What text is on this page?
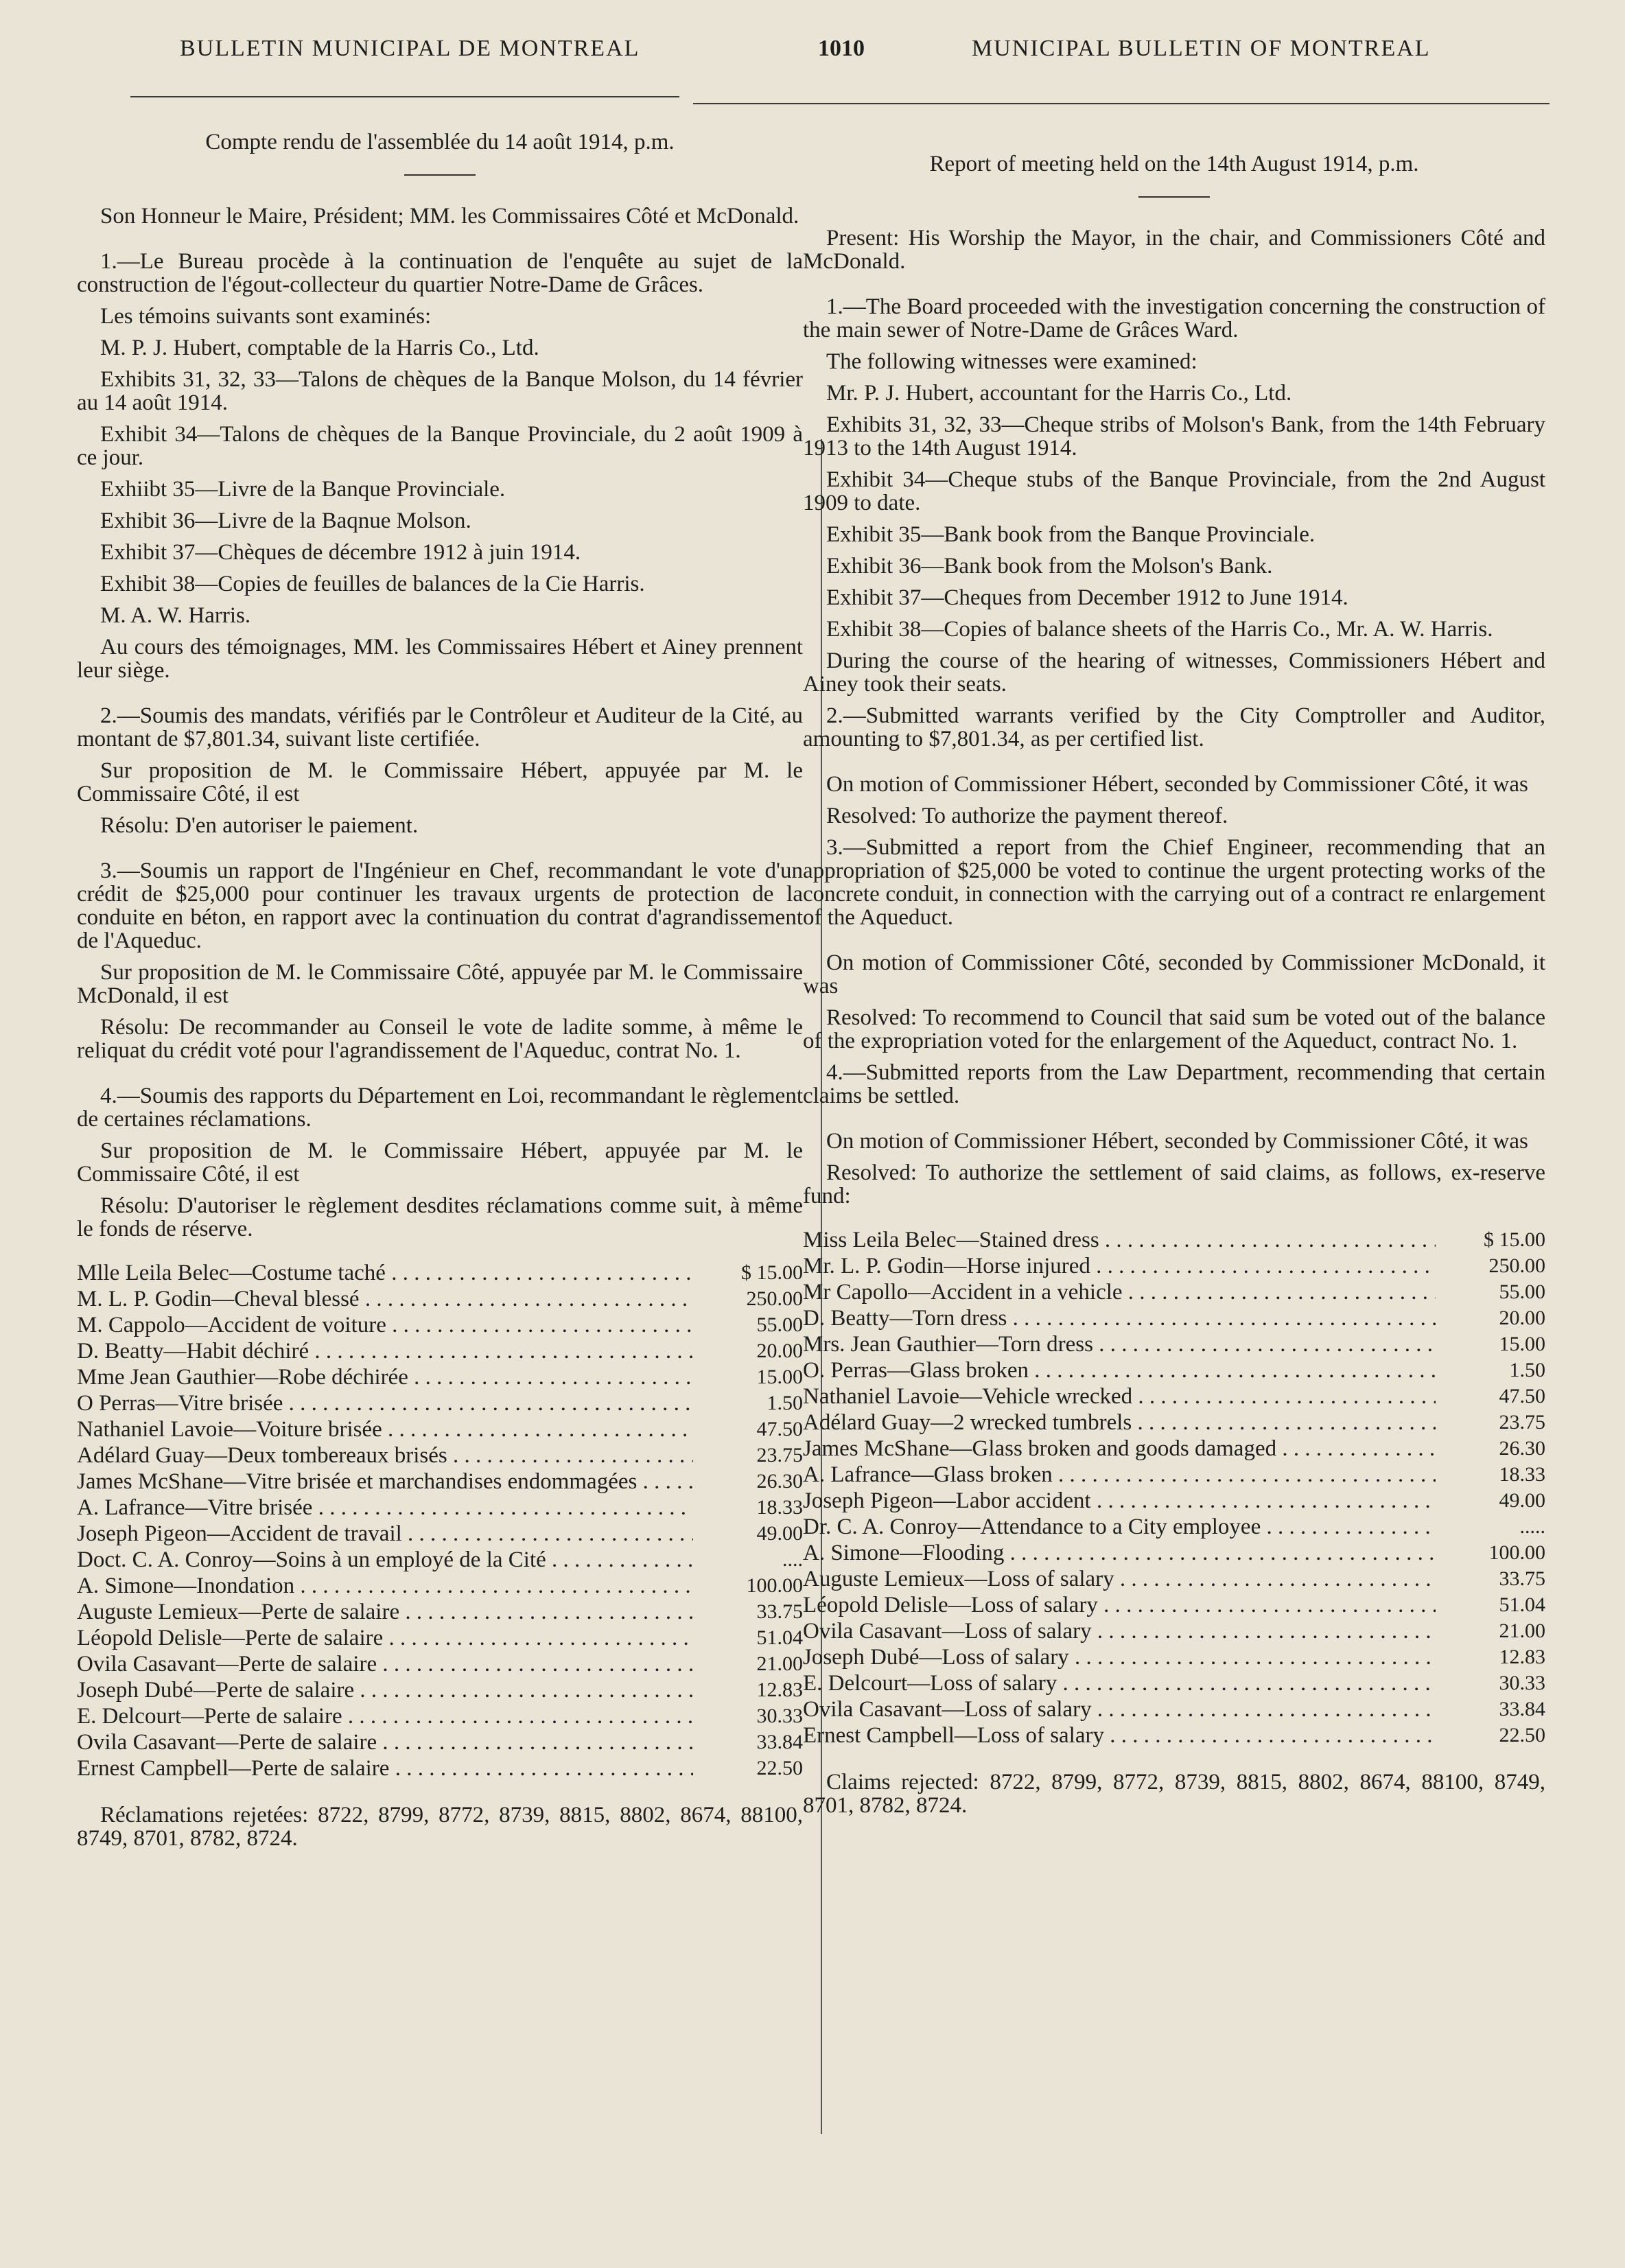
BULLETIN MUNICIPAL DE MONTREAL	1010	MUNICIPAL BULLETIN OF MONTREAL
Compte rendu de l'assemblée du 14 août 1914, p.m.

Son Honneur le Maire, Président; MM. les Commissaires Côté et McDonald.

1.—Le Bureau procède à la continuation de l'enquête au sujet de la construction de l'égout-collecteur du quartier Notre-Dame de Grâces.

Les témoins suivants sont examinés:

M. P. J. Hubert, comptable de la Harris Co., Ltd.

Exhibits 31, 32, 33—Talons de chèques de la Banque Molson, du 14 février au 14 août 1914.

Exhibit 34—Talons de chèques de la Banque Provinciale, du 2 août 1909 à ce jour.

Exhiibt 35—Livre de la Banque Provinciale.

Exhibit 36—Livre de la Baqnue Molson.

Exhibit 37—Chèques de décembre 1912 à juin 1914.

Exhibit 38—Copies de feuilles de balances de la Cie Harris.

M. A. W. Harris.

Au cours des témoignages, MM. les Commissaires Hébert et Ainey prennent leur siège.

2.—Soumis des mandats, vérifiés par le Contrôleur et Auditeur de la Cité, au montant de $7,801.34, suivant liste certifiée.

Sur proposition de M. le Commissaire Hébert, appuyée par M. le Commissaire Côté, il est

Résolu: D'en autoriser le paiement.

3.—Soumis un rapport de l'Ingénieur en Chef, recommandant le vote d'un crédit de $25,000 pour continuer les travaux urgents de protection de la conduite en béton, en rapport avec la continuation du contrat d'agrandissement de l'Aqueduc.

Sur proposition de M. le Commissaire Côté, appuyée par M. le Commissaire McDonald, il est

Résolu: De recommander au Conseil le vote de ladite somme, à même le reliquat du crédit voté pour l'agrandissement de l'Aqueduc, contrat No. 1.

4.—Soumis des rapports du Département en Loi, recommandant le règlement de certaines réclamations.

Sur proposition de M. le Commissaire Hébert, appuyée par M. le Commissaire Côté, il est

Résolu: D'autoriser le règlement desdites réclamations comme suit, à même le fonds de réserve.

Mlle Leila Belec—Costume taché . . .	$ 15.00
M. L. P. Godin—Cheval blessé . . .	250.00
M. Cappolo—Accident de voiture . . .	55.00
D. Beatty—Habit déchiré . . .	20.00
Mme Jean Gauthier—Robe déchirée . . .	15.00
O Perras—Vitre brisée . . .	1.50
Nathaniel Lavoie—Voiture brisée . . .	47.50
Adélard Guay—Deux tombereaux brisés . . .	23.75
James McShane—Vitre brisée et marchandises endommagées . . .	26.30
A. Lafrance—Vitre brisée . . .	18.33
Joseph Pigeon—Accident de travail . . .	49.00
Doct. C. A. Conroy—Soins à un employé de la Cité . . .	....
A. Simone—Inondation . . .	100.00
Auguste Lemieux—Perte de salaire . . .	33.75
Léopold Delisle—Perte de salaire . . .	51.04
Ovila Casavant—Perte de salaire . . .	21.00
Joseph Dubé—Perte de salaire . . .	12.83
E. Delcourt—Perte de salaire . . .	30.33
Ovila Casavant—Perte de salaire . . .	33.84
Ernest Campbell—Perte de salaire . . .	22.50

Réclamations rejetées: 8722, 8799, 8772, 8739, 8815, 8802, 8674, 88100, 8749, 8701, 8782, 8724.

Report of meeting held on the 14th August 1914, p.m.

Present: His Worship the Mayor, in the chair, and Commissioners Côté and McDonald.

1.—The Board proceeded with the investigation concerning the construction of the main sewer of Notre-Dame de Grâces Ward.

The following witnesses were examined:

Mr. P. J. Hubert, accountant for the Harris Co., Ltd.

Exhibits 31, 32, 33—Cheque stribs of Molson's Bank, from the 14th February 1913 to the 14th August 1914.

Exhibit 34—Cheque stubs of the Banque Provinciale, from the 2nd August 1909 to date.

Exhibit 35—Bank book from the Banque Provinciale.

Exhibit 36—Bank book from the Molson's Bank.

Exhibit 37—Cheques from December 1912 to June 1914.

Exhibit 38—Copies of balance sheets of the Harris Co., Mr. A. W. Harris.

During the course of the hearing of witnesses, Commissioners Hébert and Ainey took their seats.

2.—Submitted warrants verified by the City Comptroller and Auditor, amounting to $7,801.34, as per certified list.

On motion of Commissioner Hébert, seconded by Commissioner Côté, it was

Resolved: To authorize the payment thereof.

3.—Submitted a report from the Chief Engineer, recommending that an appropriation of $25,000 be voted to continue the urgent protecting works of the concrete conduit, in connection with the carrying out of a contract re enlargement of the Aqueduct.

On motion of Commissioner Côté, seconded by Commissioner McDonald, it was

Resolved: To recommend to Council that said sum be voted out of the balance of the expropriation voted for the enlargement of the Aqueduct, contract No. 1.

4.—Submitted reports from the Law Department, recommending that certain claims be settled.

On motion of Commissioner Hébert, seconded by Commissioner Côté, it was

Resolved: To authorize the settlement of said claims, as follows, ex-reserve fund:

Miss Leila Belec—Stained dress . . .	$ 15.00
Mr. L. P. Godin—Horse injured . . .	250.00
Mr Capollo—Accident in a vehicle . . .	55.00
D. Beatty—Torn dress . . .	20.00
Mrs. Jean Gauthier—Torn dress . . .	15.00
O. Perras—Glass broken . . .	1.50
Nathaniel Lavoie—Vehicle wrecked . . .	47.50
Adélard Guay—2 wrecked tumbrels . . .	23.75
James McShane—Glass broken and goods damaged . . .	26.30
A. Lafrance—Glass broken . . .	18.33
Joseph Pigeon—Labor accident . . .	49.00
Dr. C. A. Conroy—Attendance to a City employee . . .	.....
A. Simone—Flooding . . .	100.00
Auguste Lemieux—Loss of salary . . .	33.75
Léopold Delisle—Loss of salary . . .	51.04
Ovila Casavant—Loss of salary . . .	21.00
Joseph Dubé—Loss of salary . . .	12.83
E. Delcourt—Loss of salary . . .	30.33
Ovila Casavant—Loss of salary . . .	33.84
Ernest Campbell—Loss of salary . . .	22.50

Claims rejected: 8722, 8799, 8772, 8739, 8815, 8802, 8674, 88100, 8749, 8701, 8782, 8724.
